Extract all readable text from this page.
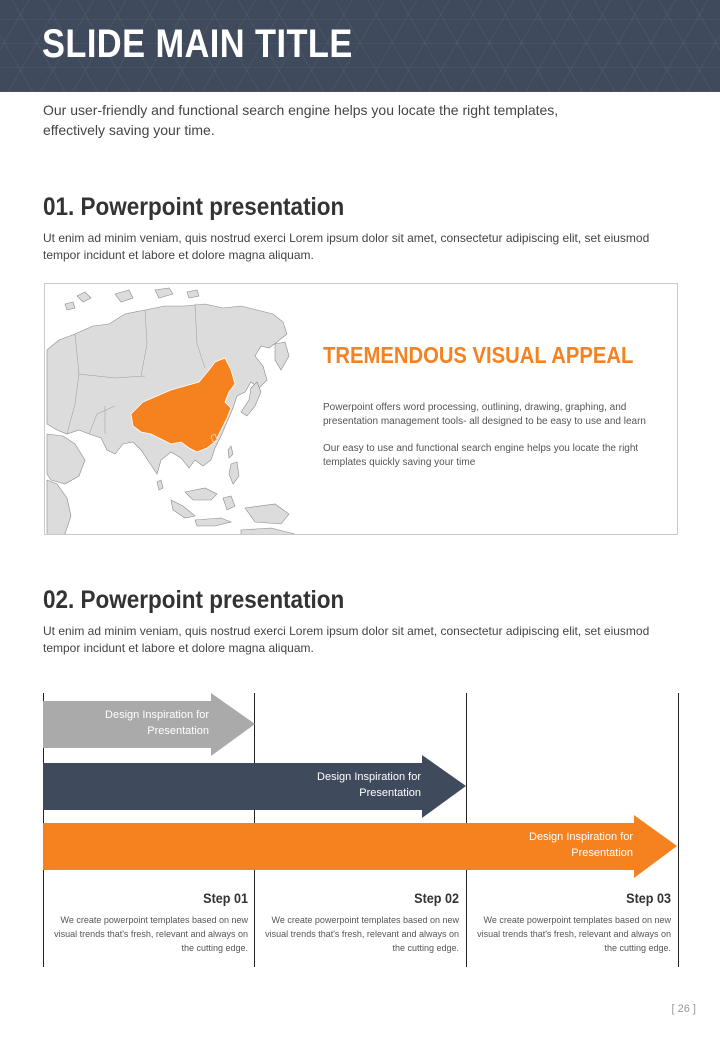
SLIDE MAIN TITLE
Our user-friendly and functional search engine helps you locate the right templates, effectively saving your time.
01. Powerpoint presentation
Ut enim ad minim veniam, quis nostrud exerci Lorem ipsum dolor sit amet, consectetur adipiscing elit, set eiusmod tempor incidunt et labore et dolore magna aliquam.
TREMENDOUS VISUAL APPEAL
Powerpoint offers word processing, outlining, drawing, graphing, and presentation management tools- all designed to be easy to use and learn
Our easy to use and functional search engine helps you locate the right templates quickly saving your time
02. Powerpoint presentation
Ut enim ad minim veniam, quis nostrud exerci Lorem ipsum dolor sit amet, consectetur adipiscing elit, set eiusmod tempor incidunt et labore et dolore magna aliquam.
Design Inspiration for Presentation
Design Inspiration for Presentation
Design Inspiration for Presentation
Step 01
We create powerpoint templates based on new visual trends that's fresh, relevant and always on the cutting edge.
Step 02
We create powerpoint templates based on new visual trends that's fresh, relevant and always on the cutting edge.
Step 03
We create powerpoint templates based on new visual trends that's fresh, relevant and always on the cutting edge.
[ 26 ]
